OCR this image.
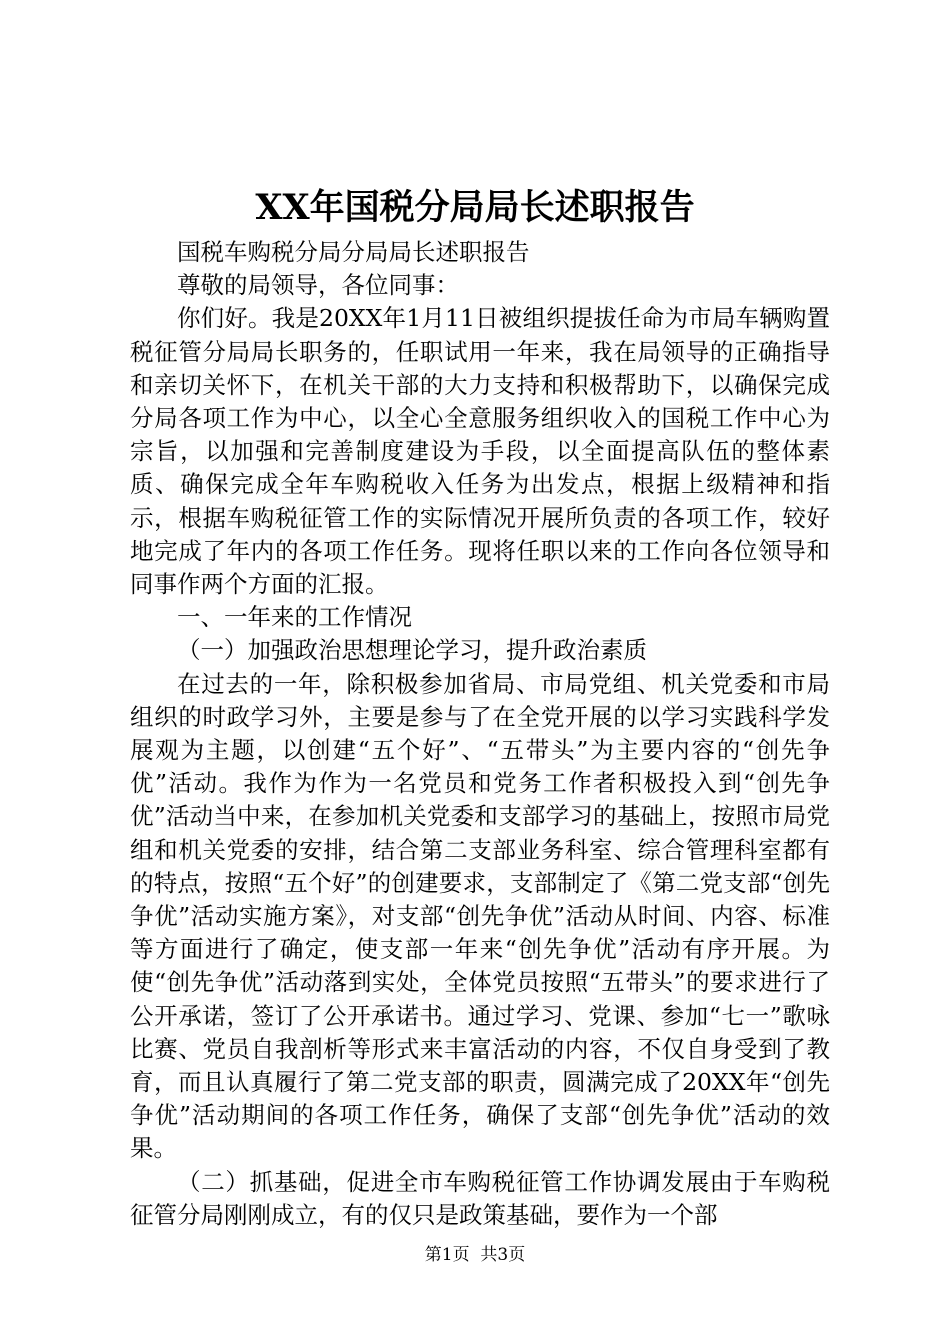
XX年国税分局局长述职报告

国税车购税分局分局局长述职报告

尊敬的局领导，各位同事：

你们好。我是20XX年1月11日被组织提拔任命为市局车辆购置税征管分局局长职务的，任职试用一年来，我在局领导的正确指导和亲切关怀下，在机关干部的大力支持和积极帮助下，以确保完成分局各项工作为中心，以全心全意服务组织收入的国税工作中心为宗旨，以加强和完善制度建设为手段，以全面提高队伍的整体素质、确保完成全年车购税收入任务为出发点，根据上级精神和指示，根据车购税征管工作的实际情况开展所负责的各项工作，较好地完成了年内的各项工作任务。现将任职以来的工作向各位领导和同事作两个方面的汇报。

一、一年来的工作情况

（一）加强政治思想理论学习，提升政治素质

在过去的一年，除积极参加省局、市局党组、机关党委和市局组织的时政学习外，主要是参与了在全党开展的以学习实践科学发展观为主题，以创建“五个好”、“五带头”为主要内容的“创先争优”活动。我作为作为一名党员和党务工作者积极投入到“创先争优”活动当中来，在参加机关党委和支部学习的基础上，按照市局党组和机关党委的安排，结合第二支部业务科室、综合管理科室都有的特点，按照“五个好”的创建要求，支部制定了《第二党支部“创先争优”活动实施方案》，对支部“创先争优”活动从时间、内容、标准等方面进行了确定，使支部一年来“创先争优”活动有序开展。为使“创先争优”活动落到实处，全体党员按照“五带头”的要求进行了公开承诺，签订了公开承诺书。通过学习、党课、参加“七一”歌咏比赛、党员自我剖析等形式来丰富活动的内容，不仅自身受到了教育，而且认真履行了第二党支部的职责，圆满完成了20XX年“创先争优”活动期间的各项工作任务，确保了支部“创先争优”活动的效果。

（二）抓基础，促进全市车购税征管工作协调发展由于车购税征管分局刚刚成立，有的仅只是政策基础，要作为一个部

第1页  共3页
